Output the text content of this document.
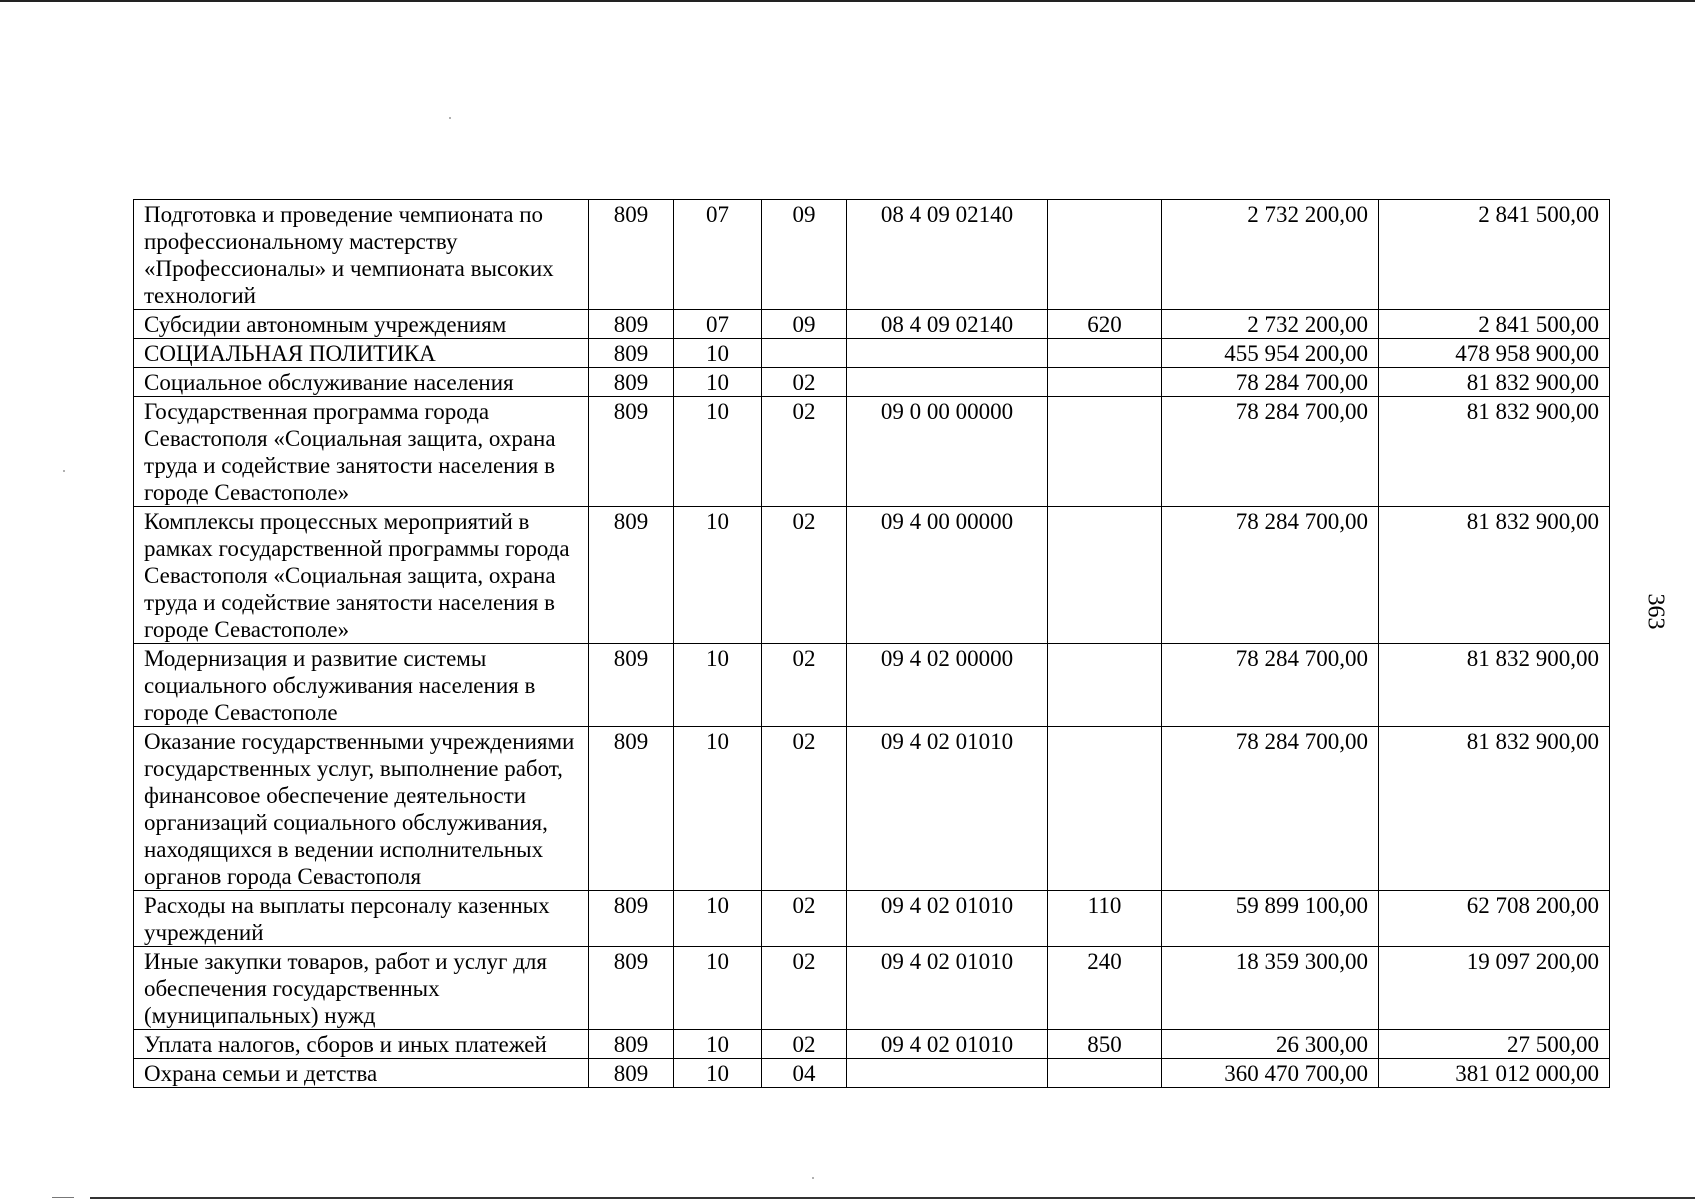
Подготовка и проведение чемпионата по профессиональному мастерству «Профессионалы» и чемпионата высоких технологий	809	07	09	08 4 09 02140		2 732 200,00	2 841 500,00
Субсидии автономным учреждениям	809	07	09	08 4 09 02140	620	2 732 200,00	2 841 500,00
СОЦИАЛЬНАЯ ПОЛИТИКА	809	10				455 954 200,00	478 958 900,00
Социальное обслуживание населения	809	10	02			78 284 700,00	81 832 900,00
Государственная программа города Севастополя «Социальная защита, охрана труда и содействие занятости населения в городе Севастополе»	809	10	02	09 0 00 00000		78 284 700,00	81 832 900,00
Комплексы процессных мероприятий в рамках государственной программы города Севастополя «Социальная защита, охрана труда и содействие занятости населения в городе Севастополе»	809	10	02	09 4 00 00000		78 284 700,00	81 832 900,00
Модернизация и развитие системы социального обслуживания населения в городе Севастополе	809	10	02	09 4 02 00000		78 284 700,00	81 832 900,00
Оказание государственными учреждениями государственных услуг, выполнение работ, финансовое обеспечение деятельности организаций социального обслуживания, находящихся в ведении исполнительных органов города Севастополя	809	10	02	09 4 02 01010		78 284 700,00	81 832 900,00
Расходы на выплаты персоналу казенных учреждений	809	10	02	09 4 02 01010	110	59 899 100,00	62 708 200,00
Иные закупки товаров, работ и услуг для обеспечения государственных (муниципальных) нужд	809	10	02	09 4 02 01010	240	18 359 300,00	19 097 200,00
Уплата налогов, сборов и иных платежей	809	10	02	09 4 02 01010	850	26 300,00	27 500,00
Охрана семьи и детства	809	10	04			360 470 700,00	381 012 000,00
363
